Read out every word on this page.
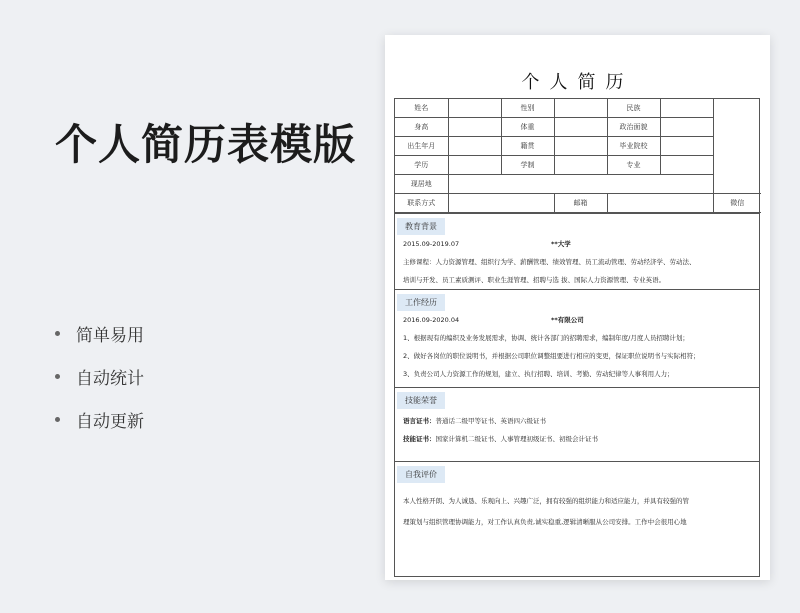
个人简历表模版
简单易用
自动统计
自动更新
个人简历
姓名		性别		民族		
身高		体重		政治面貌		
出生年月		籍贯		毕业院校		
学历		学制		专业		
现居地						
联系方式			邮箱			微信
教育背景
2015.09-2019.07	**大学
主修课程：人力资源管理、组织行为学、薪酬管理、绩效管理、员工流动管理、劳动经济学、劳动法、
培训与开发、员工素质测评、职业生涯管理、招聘与选 拔、国际人力资源管理、专业英语。
工作经历
2016.09-2020.04	**有限公司
1、根据现有的编织及业务发展需求，协调、统计各部门的招聘需求，编制年度/月度人员招聘计划；
2、做好各岗位的职位说明书，并根据公司职位调整组要进行相应的变更，保证职位说明书与实际相符；
3、负责公司人力资源工作的规划，建立、执行招聘、培训、考勤、劳动纪律等人事利用人力；
技能荣誉
语言证书：普通话二级甲等证书、英语四六级证书
技能证书：国家计算机二级证书、人事管理初级证书、初级会计证书
自我评价
本人性格开朗、为人诚恳、乐观向上、兴趣广泛，拥有较强的组织能力和适应能力，并具有较强的管
理策划与组织管理协调能力，对工作认真负责,诚实稳重,逻辑清晰服从公司安排。工作中会很用心地
